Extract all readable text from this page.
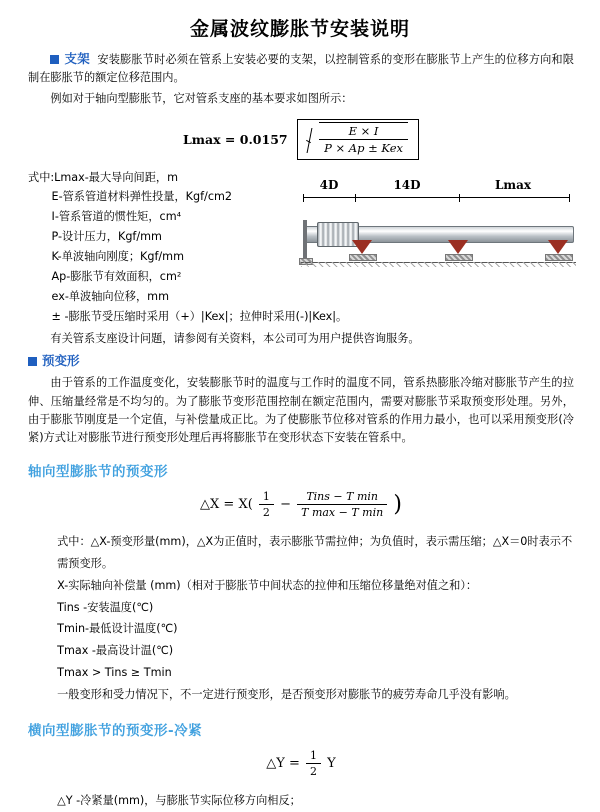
金属波纹膨胀节安装说明

支架 安装膨胀节时必须在管系上安装必要的支架，以控制管系的变形在膨胀节上产生的位移方向和限制在膨胀节的额定位移范围内。

例如对于轴向型膨胀节，它对管系支座的基本要求如图所示：

Lmax = 0.0157	$\frac{E \times I}{\text{P × Ap ± Kex}}$
式中:Lmax-最大导向间距，m
E-管系管道材料弹性投量，Kgf/cm2
I-管系管道的惯性矩，cm⁴
P-设计压力，Kgf/mm
K-单波轴向刚度；Kgf/mm
Ap-膨胀节有效面积，cm²
ex-单波轴向位移，mm
± -膨胀节受压缩时采用（+）|Kex|；拉伸时采用(-)|Kex|。
4D	14D	Lmax

有关管系支座设计问题，请参阅有关资料，本公司可为用户提供咨询服务。

预变形

由于管系的工作温度变化，安装膨胀节时的温度与工作时的温度不同，管系热膨胀冷缩对膨胀节产生的拉伸、压缩量经常是不均匀的。为了膨胀节变形范围控制在额定范围内，需要对膨胀节采取预变形处理。另外，由于膨胀节刚度是一个定值，与补偿量成正比。为了使膨胀节位移对管系的作用力最小，也可以采用预变形(冷紧)方式让对膨胀节进行预变形处理后再将膨胀节在变形状态下安装在管系中。

轴向型膨胀节的预变形
△X = $X( \frac{1}{2}$ −
Tins − T min
T max − T min )
式中：△X-预变形量(mm)，△X为正值时，表示膨胀节需拉伸；为负值时，表示需压缩；△X＝0时表示不需预变形。
X-实际轴向补偿量 (mm)（相对于膨胀节中间状态的拉伸和压缩位移量绝对值之和）：
Tins -安装温度(℃)
Tmin-最低设计温度(℃)
Tmax -最高设计温(℃)
Tmax > Tins ≥ Tmin
一般变形和受力情况下，不一定进行预变形，是否预变形对膨胀节的疲劳寿命几乎没有影响。
横向型膨胀节的预变形-冷紧
△Y = $\frac{1}{2}$ Y
△Y -冷紧量(mm)，与膨胀节实际位移方向相反；
